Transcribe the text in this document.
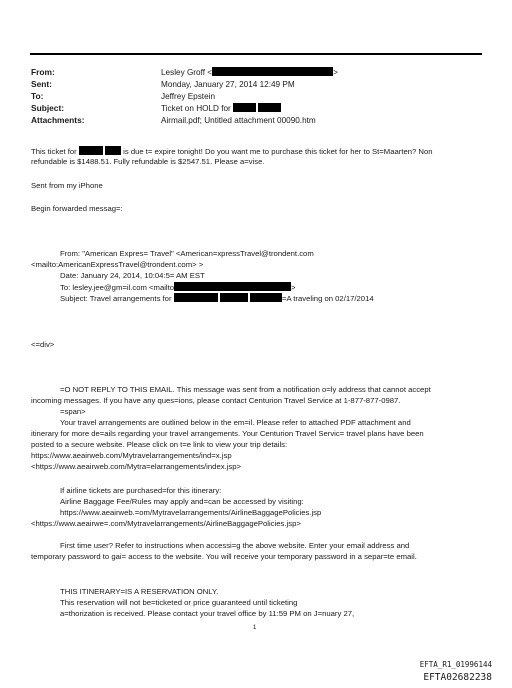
From:	Lesley Groff <	>
Sent:	Monday, January 27, 2014 12:49 PM
To:	Jeffrey Epstein
Subject:	Ticket on HOLD for
Attachments:	Airmail.pdf; Untitled attachment 00090.htm
This ticket for	is due t= expire tonight! Do you want me to purchase this ticket for her to St=Maarten? Non
refundable is $1488.51. Fully refundable is $2547.51. Please a=vise.
Sent from my iPhone
Begin forwarded messag=:
From: "American Expres= Travel" <American=xpressTravel@trondent.com
<mailto:AmericanExpressTravel@trondent.com> >
Date: January 24, 2014, 10:04:5= AM EST
To: lesley.jee@gm=il.com <mailto	>
Subject: Travel arrangements for	=A traveling on 02/17/2014
<=div>
=O NOT REPLY TO THIS EMAIL. This message was sent from a notification o=ly address that cannot accept
incoming messages. If you have any ques=ions, please contact Centurion Travel Service at 1-877-877-0987.
=span>
Your travel arrangements are outlined below in the em=il. Please refer to attached PDF attachment and
itinerary for more de=ails regarding your travel arrangements. Your Centurion Travel Servic= travel plans have been
posted to a secure website. Please click on t=e link to view your trip details:
https://www.aeairweb.com/Mytravelarrangements/ind=x.jsp
<https://www.aeairweb.com/Mytra=elarrangements/index.jsp>
If airline tickets are purchased=for this itinerary:
Airline Baggage Fee/Rules may apply and=can be accessed by visiting:
https://www.aeairweb.=om/Mytravelarrangements/AirlineBaggagePolicies.jsp
<https://www.aeairwe=.com/Mytravelarrangements/AirlineBaggagePolicies.jsp>
First time user? Refer to instructions when accessi=g the above website. Enter your email address and
temporary password to gai= access to the website. You will receive your temporary password in a separ=te email.
THIS ITINERARY=IS A RESERVATION ONLY.
This reservation will not be=ticketed or price guaranteed until ticketing
a=thorization is received. Please contact your travel office by 11:59 PM on J=nuary 27,
1
EFTA_R1_01996144
EFTA02682238
